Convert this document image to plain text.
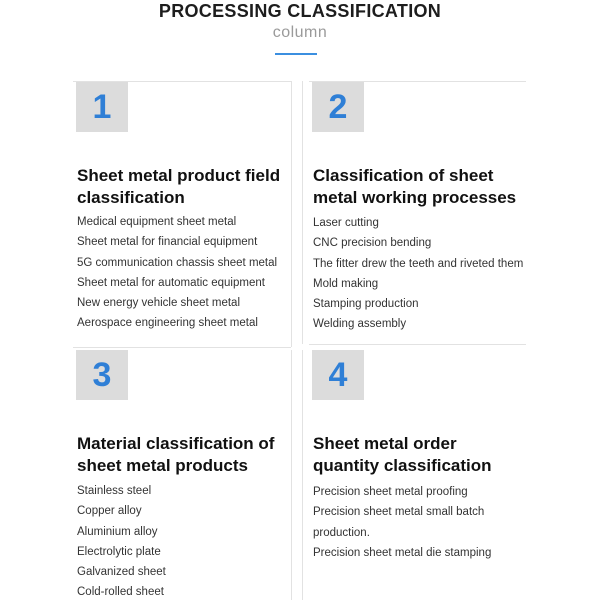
PROCESSING CLASSIFICATION
column
1
Sheet metal product field classification
Medical equipment sheet metal
Sheet metal for financial equipment
5G communication chassis sheet metal
Sheet metal for automatic equipment
New energy vehicle sheet metal
Aerospace engineering sheet metal
2
Classification of sheet metal working processes
Laser cutting
CNC precision bending
The fitter drew the teeth and riveted them
Mold making
Stamping production
Welding assembly
3
Material classification of sheet metal products
Stainless steel
Copper alloy
Aluminium alloy
Electrolytic plate
Galvanized sheet
Cold-rolled sheet
4
Sheet metal order quantity classification
Precision sheet metal proofing
Precision sheet metal small batch
production.
Precision sheet metal die stamping
